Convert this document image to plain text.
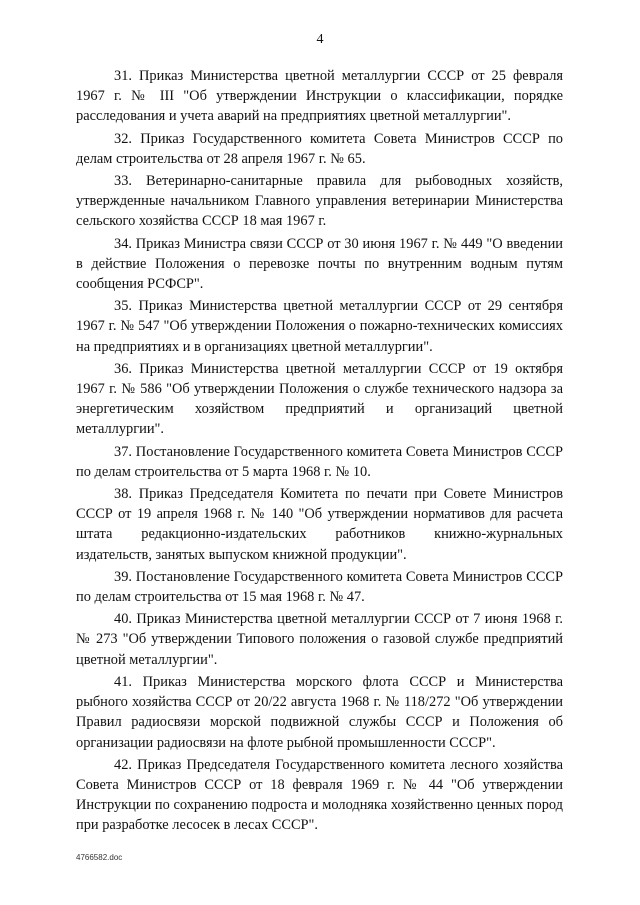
4

31. Приказ Министерства цветной металлургии СССР от 25 февраля 1967 г. № III "Об утверждении Инструкции о классификации, порядке расследования и учета аварий на предприятиях цветной металлургии".

32. Приказ Государственного комитета Совета Министров СССР по делам строительства от 28 апреля 1967 г. № 65.

33. Ветеринарно-санитарные правила для рыбоводных хозяйств, утвержденные начальником Главного управления ветеринарии Министерства сельского хозяйства СССР 18 мая 1967 г.

34. Приказ Министра связи СССР от 30 июня 1967 г. № 449 "О введении в действие Положения о перевозке почты по внутренним водным путям сообщения РСФСР".

35. Приказ Министерства цветной металлургии СССР от 29 сентября 1967 г. № 547 "Об утверждении Положения о пожарно-технических комиссиях на предприятиях и в организациях цветной металлургии".

36. Приказ Министерства цветной металлургии СССР от 19 октября 1967 г. № 586 "Об утверждении Положения о службе технического надзора за энергетическим хозяйством предприятий и организаций цветной металлургии".

37. Постановление Государственного комитета Совета Министров СССР по делам строительства от 5 марта 1968 г. № 10.

38. Приказ Председателя Комитета по печати при Совете Министров СССР от 19 апреля 1968 г. № 140 "Об утверждении нормативов для расчета штата редакционно-издательских работников книжно-журнальных издательств, занятых выпуском книжной продукции".

39. Постановление Государственного комитета Совета Министров СССР по делам строительства от 15 мая 1968 г. № 47.

40. Приказ Министерства цветной металлургии СССР от 7 июня 1968 г. № 273 "Об утверждении Типового положения о газовой службе предприятий цветной металлургии".

41. Приказ Министерства морского флота СССР и Министерства рыбного хозяйства СССР от 20/22 августа 1968 г. № 118/272 "Об утверждении Правил радиосвязи морской подвижной службы СССР и Положения об организации радиосвязи на флоте рыбной промышленности СССР".

42. Приказ Председателя Государственного комитета лесного хозяйства Совета Министров СССР от 18 февраля 1969 г. № 44 "Об утверждении Инструкции по сохранению подроста и молодняка хозяйственно ценных пород при разработке лесосек в лесах СССР".

4766582.doc
